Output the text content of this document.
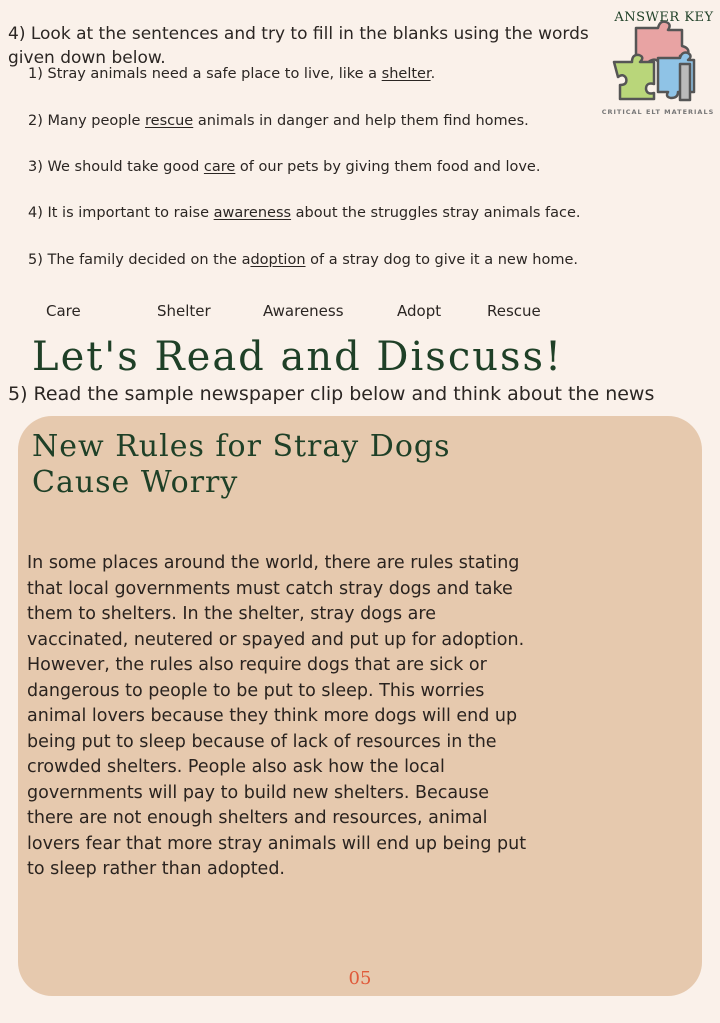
ANSWER KEY
CRITICAL ELT MATERIALS
4) Look at the sentences and try to fill in the blanks using the words given down below.
1) Stray animals need a safe place to live, like a shelter.
2) Many people rescue animals in danger and help them find homes.
3) We should take good care of our pets by giving them food and love.
4) It is important to raise awareness about the struggles stray animals face.
5) The family decided on the adoption of a stray dog to give it a new home.
Care	Shelter	Awareness	Adopt	Rescue
Let's Read and Discuss!
5) Read the sample newspaper clip below and think about the news
New Rules for Stray Dogs Cause Worry
In some places around the world, there are rules stating that local governments must catch stray dogs and take them to shelters. In the shelter, stray dogs are vaccinated, neutered or spayed and put up for adoption. However, the rules also require dogs that are sick or dangerous to people to be put to sleep. This worries animal lovers because they think more dogs will end up being put to sleep because of lack of resources in the crowded shelters. People also ask how the local governments will pay to build new shelters. Because there are not enough shelters and resources, animal lovers fear that more stray animals will end up being put to sleep rather than adopted.
05
